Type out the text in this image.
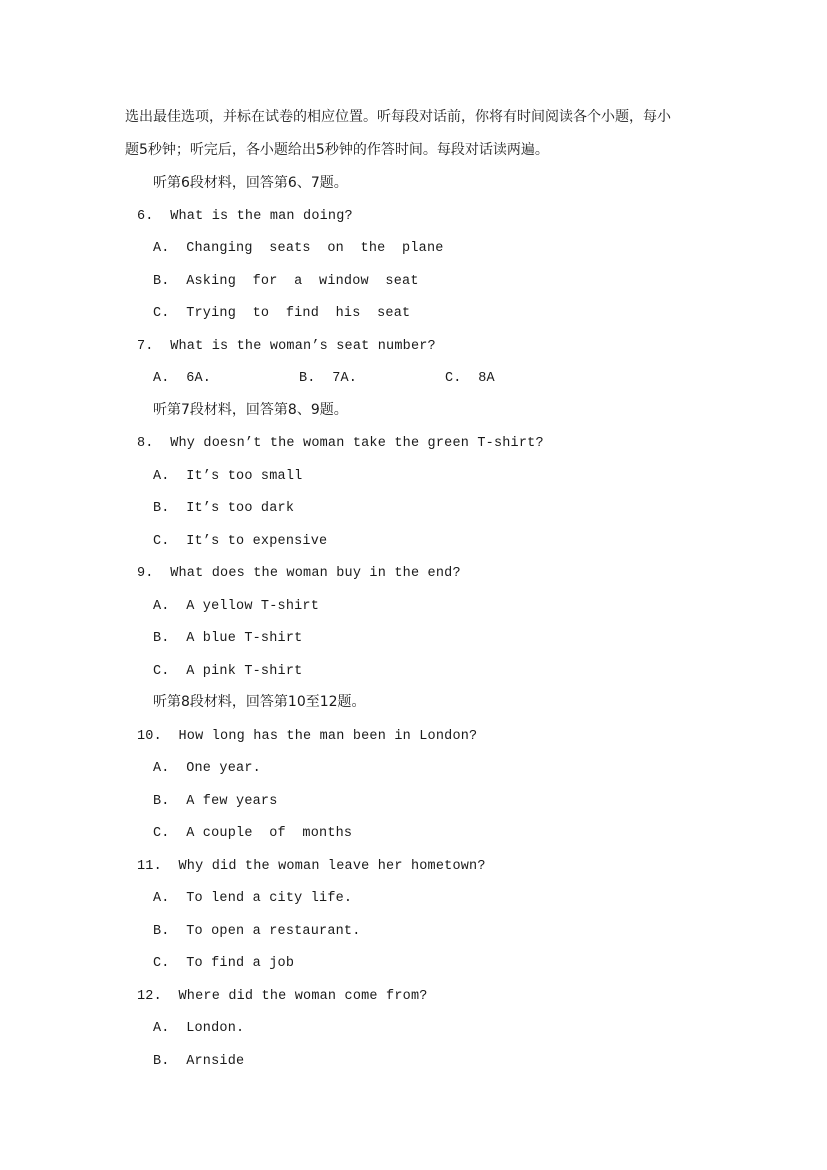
选出最佳选项，并标在试卷的相应位置。听每段对话前，你将有时间阅读各个小题，每小
题5秒钟；听完后，各小题给出5秒钟的作答时间。每段对话读两遍。
听第6段材料，回答第6、7题。
6.  What is the man doing?
A.  Changing  seats  on  the  plane
B.  Asking  for  a  window  seat
C.  Trying  to  find  his  seat
7.  What is the woman’s seat number?
A.  6A.	B.  7A.	C.  8A
听第7段材料，回答第8、9题。
8.  Why doesn’t the woman take the green T-shirt?
A.  It’s too small
B.  It’s too dark
C.  It’s to expensive
9.  What does the woman buy in the end?
A.  A yellow T-shirt
B.  A blue T-shirt
C.  A pink T-shirt
听第8段材料，回答第10至12题。
10.  How long has the man been in London?
A.  One year.
B.  A few years
C.  A couple  of  months
11.  Why did the woman leave her hometown?
A.  To lend a city life.
B.  To open a restaurant.
C.  To find a job
12.  Where did the woman come from?
A.  London.
B.  Arnside
